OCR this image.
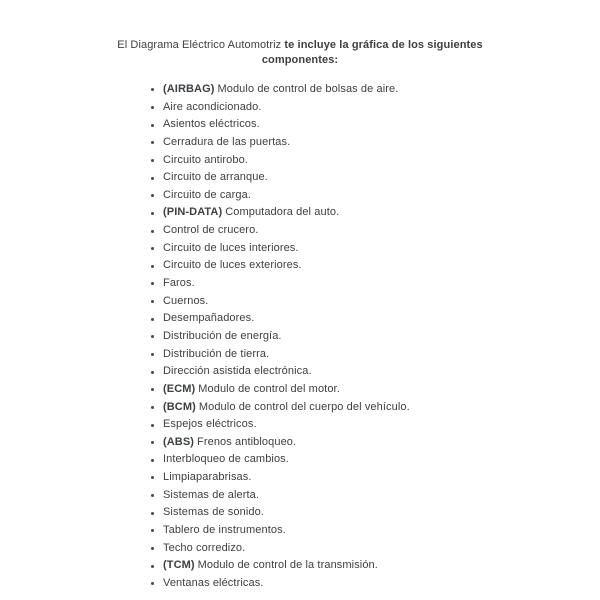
El Diagrama Eléctrico Automotriz te incluye la gráfica de los siguientes
componentes:
(AIRBAG) Modulo de control de bolsas de aire.
Aire acondicionado.
Asientos eléctricos.
Cerradura de las puertas.
Circuito antirobo.
Circuito de arranque.
Circuito de carga.
(PIN-DATA) Computadora del auto.
Control de crucero.
Circuito de luces interiores.
Circuito de luces exteriores.
Faros.
Cuernos.
Desempañadores.
Distribución de energía.
Distribución de tierra.
Dirección asistida electrónica.
(ECM) Modulo de control del motor.
(BCM) Modulo de control del cuerpo del vehículo.
Espejos eléctricos.
(ABS) Frenos antibloqueo.
Interbloqueo de cambios.
Limpiaparabrisas.
Sistemas de alerta.
Sistemas de sonido.
Tablero de instrumentos.
Techo corredizo.
(TCM) Modulo de control de la transmisión.
Ventanas eléctricas.
